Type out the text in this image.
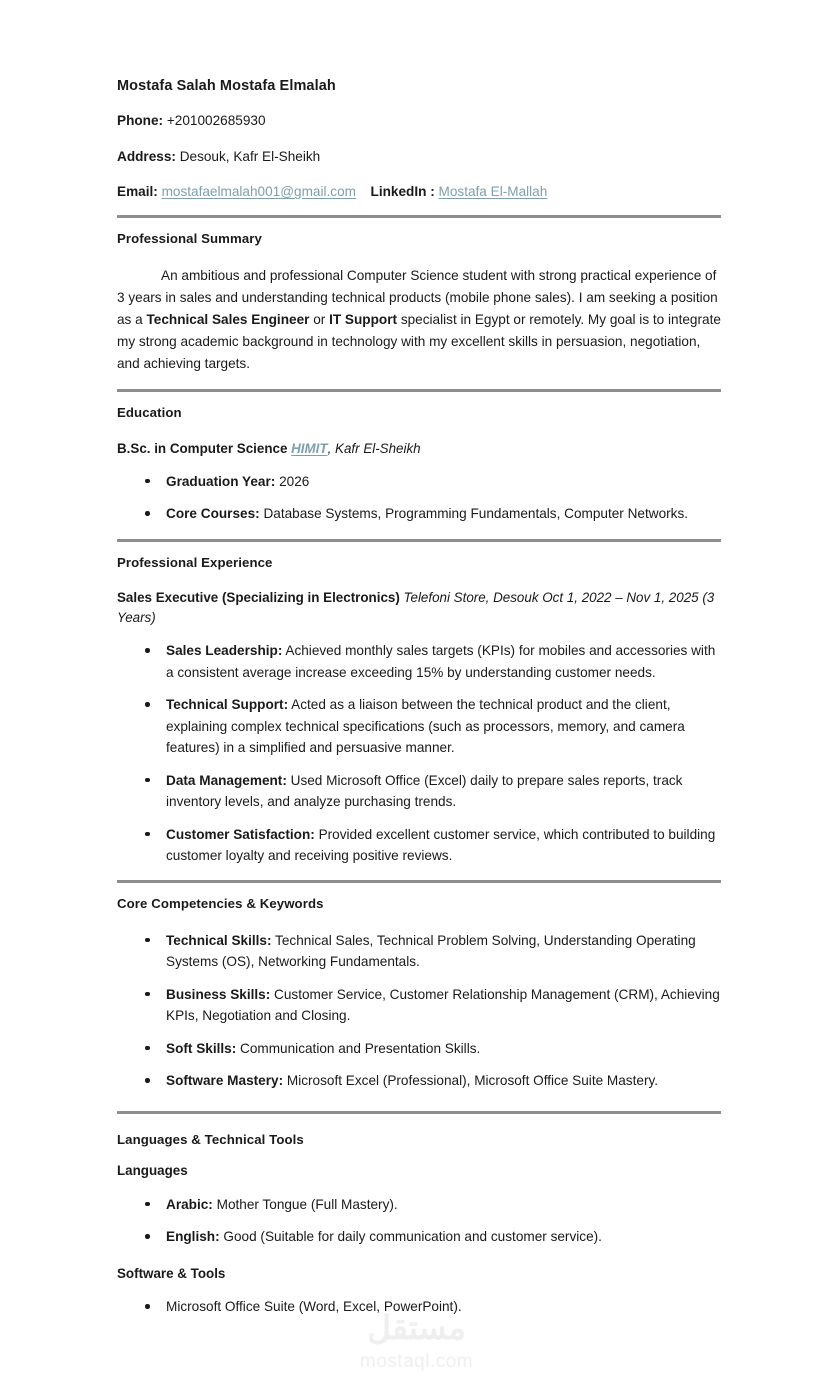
Mostafa Salah Mostafa Elmalah

Phone: +201002685930

Address: Desouk, Kafr El-Sheikh

Email: mostafaelmalah001@gmail.com LinkedIn : Mostafa El-Mallah

Professional Summary

An ambitious and professional Computer Science student with strong practical experience of 3 years in sales and understanding technical products (mobile phone sales). I am seeking a position as a Technical Sales Engineer or IT Support specialist in Egypt or remotely. My goal is to integrate my strong academic background in technology with my excellent skills in persuasion, negotiation, and achieving targets.

Education

B.Sc. in Computer Science HIMIT, Kafr El-Sheikh

Graduation Year: 2026
Core Courses: Database Systems, Programming Fundamentals, Computer Networks.
Professional Experience

Sales Executive (Specializing in Electronics) Telefoni Store, Desouk Oct 1, 2022 – Nov 1, 2025 (3 Years)

Sales Leadership: Achieved monthly sales targets (KPIs) for mobiles and accessories with a consistent average increase exceeding 15% by understanding customer needs.
Technical Support: Acted as a liaison between the technical product and the client, explaining complex technical specifications (such as processors, memory, and camera features) in a simplified and persuasive manner.
Data Management: Used Microsoft Office (Excel) daily to prepare sales reports, track inventory levels, and analyze purchasing trends.
Customer Satisfaction: Provided excellent customer service, which contributed to building customer loyalty and receiving positive reviews.
Core Competencies & Keywords
Technical Skills: Technical Sales, Technical Problem Solving, Understanding Operating Systems (OS), Networking Fundamentals.
Business Skills: Customer Service, Customer Relationship Management (CRM), Achieving KPIs, Negotiation and Closing.
Soft Skills: Communication and Presentation Skills.
Software Mastery: Microsoft Excel (Professional), Microsoft Office Suite Mastery.
Languages & Technical Tools
Languages
Arabic: Mother Tongue (Full Mastery).
English: Good (Suitable for daily communication and customer service).
Software & Tools
Microsoft Office Suite (Word, Excel, PowerPoint).
مستقل
mostaql.com
